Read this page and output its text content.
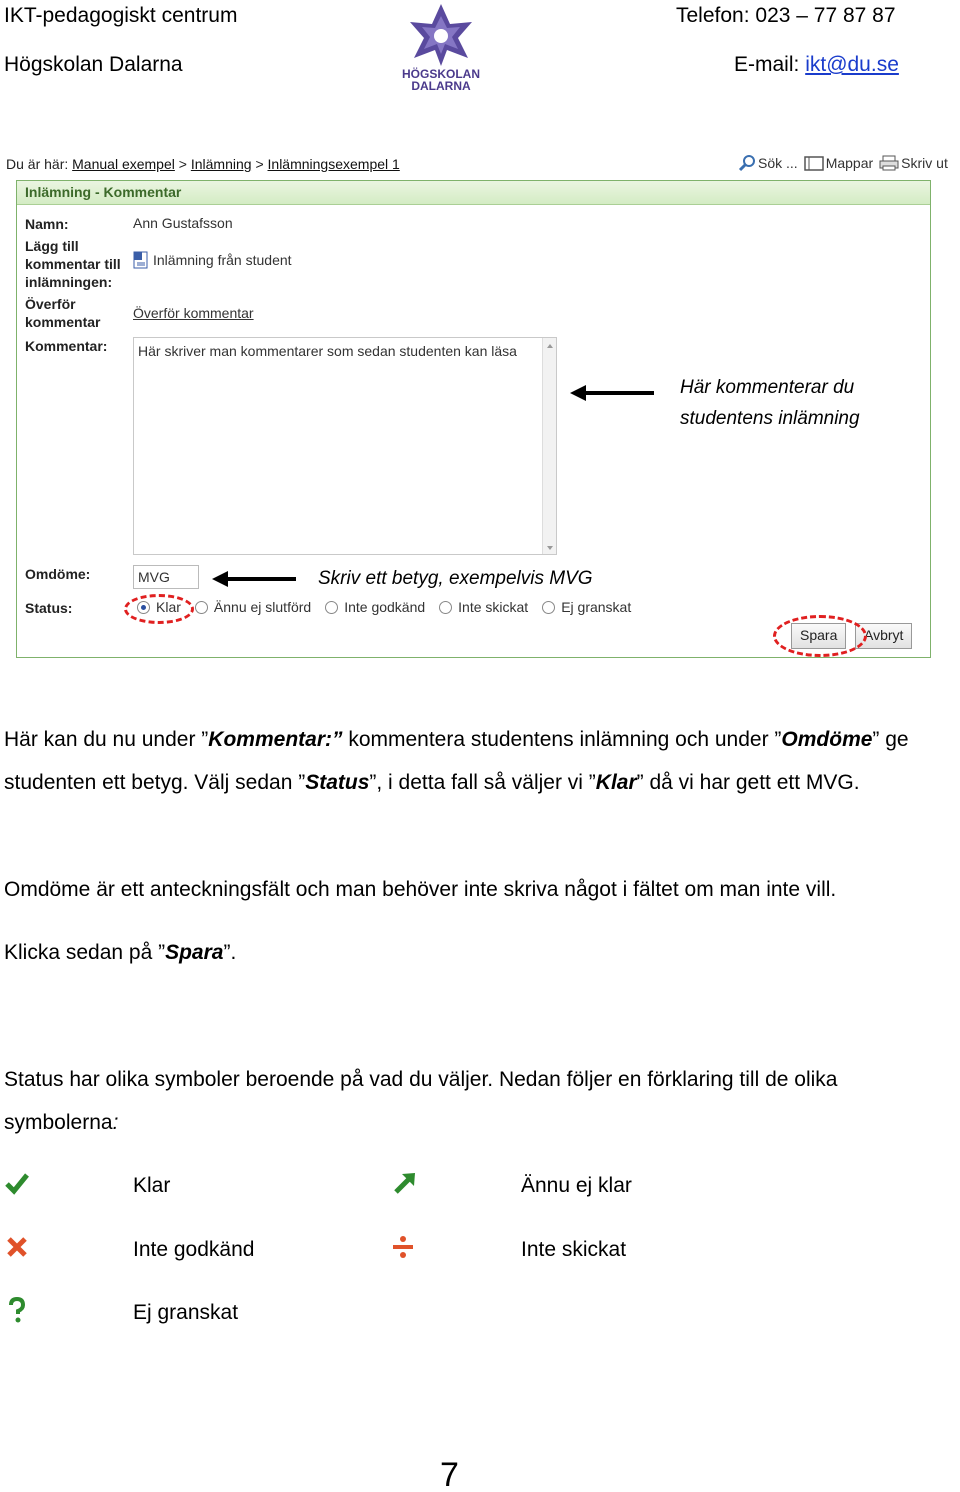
IKT-pedagogiskt centrum
Högskolan Dalarna
Telefon: 023 – 77 87 87
E-mail: ikt@du.se
HÖGSKOLAN
DALARNA
Du är här: Manual exempel > Inlämning > Inlämningsexempel 1	Sök ... Mappar Skriv ut
Inlämning - Kommentar
Namn:	Ann Gustafsson
Lägg till kommentar till inlämningen:
Inlämning från student
Överför kommentar
Överför kommentar
Kommentar: Här skriver man kommentarer som sedan studenten kan läsa
Omdöme:	MVG
Status:	Klar Ännu ej slutförd Inte godkänd Inte skickat Ej granskat
Spara	Avbryt
Här kommenterar du
studentens inlämning
Skriv ett betyg, exempelvis MVG
Här kan du nu under ”Kommentar:” kommentera studentens inlämning och under ”Omdöme” ge studenten ett betyg. Välj sedan ”Status”, i detta fall så väljer vi ”Klar” då vi har gett ett MVG.
Omdöme är ett anteckningsfält och man behöver inte skriva något i fältet om man inte vill.
Klicka sedan på ”Spara”.
Status har olika symboler beroende på vad du väljer. Nedan följer en förklaring till de olika
symbolerna:
Klar	Ännu ej klar
Inte godkänd	Inte skickat
Ej granskat
7
